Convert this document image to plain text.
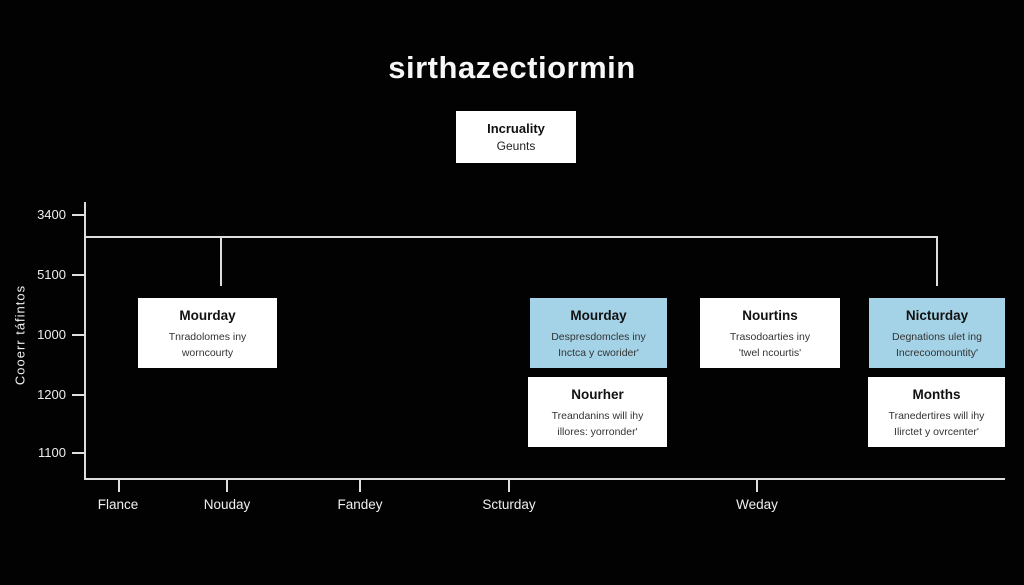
sirthazectiormin
Incruality
Geunts
3400
5100
1000
1200
1100
Cooerr táfintos
Flance	Nouday	Fandey	Scturday	Weday
Mourday
Tnradolomes iny
worncourty
Mourday
Despresdomcles iny
Inctca y cworider'
Nourtins
Trasodoarties iny
'twel ncourtis'
Nicturday
Degnations ulet ing
Increcoomountity'
Nourher
Treandanins will ihy
illores: yorronder'
Months
Tranedertires will ihy
Ilirctet y ovrcenter'
